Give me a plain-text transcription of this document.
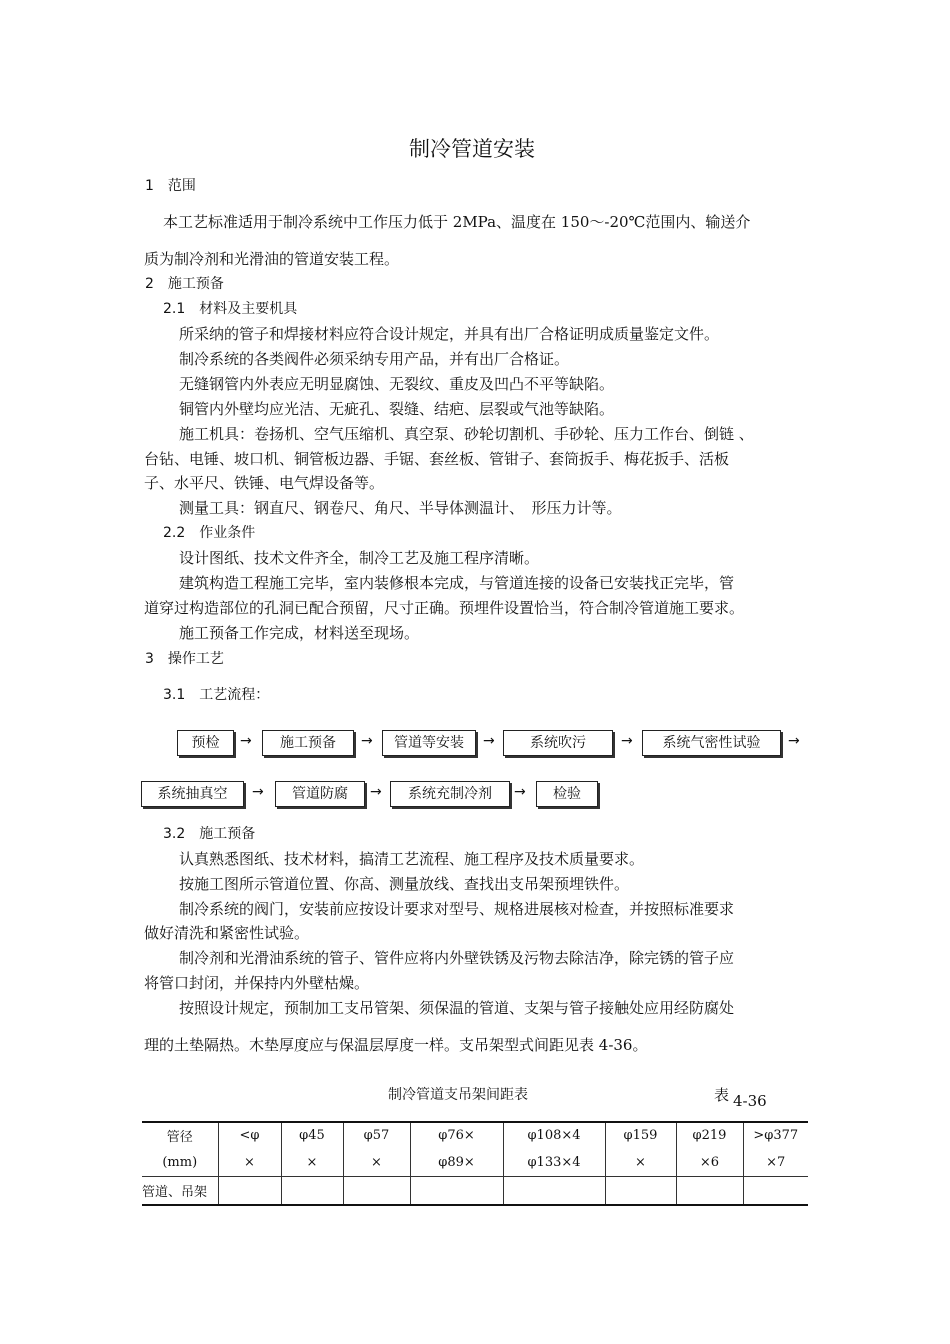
制冷管道安装
1　范围
本工艺标准适用于制冷系统中工作压力低于 2MPa、温度在 150～-20℃范围内、输送介
质为制冷剂和光滑油的管道安装工程。
2　施工预备
2.1　材料及主要机具
所采纳的管子和焊接材料应符合设计规定，并具有出厂合格证明成质量鉴定文件。
制冷系统的各类阀件必须采纳专用产品，并有出厂合格证。
无缝钢管内外表应无明显腐蚀、无裂纹、重皮及凹凸不平等缺陷。
铜管内外壁均应光洁、无疵孔、裂缝、结疤、层裂或气池等缺陷。
施工机具：卷扬机、空气压缩机、真空泵、砂轮切割机、手砂轮、压力工作台、倒链 、
台钻、电锤、坡口机、铜管板边器、手锯、套丝板、管钳子、套筒扳手、梅花扳手、活板
子、水平尺、铁锤、电气焊设备等。
测量工具：钢直尺、钢卷尺、角尺、半导体测温计、　形压力计等。
2.2　作业条件
设计图纸、技术文件齐全，制冷工艺及施工程序清晰。
建筑构造工程施工完毕，室内装修根本完成，与管道连接的设备已安装找正完毕，管
道穿过构造部位的孔洞已配合预留，尺寸正确。预埋件设置恰当，符合制冷管道施工要求。
施工预备工作完成，材料送至现场。
3　操作工艺
3.1　工艺流程：
预检	→	施工预备	→	管道等安装	→	系统吹污	→	系统气密性试验	→
系统抽真空	→	管道防腐	→	系统充制冷剂	→	检验
3.2　施工预备
认真熟悉图纸、技术材料，搞清工艺流程、施工程序及技术质量要求。
按施工图所示管道位置、你高、测量放线、查找出支吊架预埋铁件。
制冷系统的阀门，安装前应按设计要求对型号、规格进展核对检查，并按照标准要求
做好清洗和紧密性试验。
制冷剂和光滑油系统的管子、管件应将内外壁铁锈及污物去除洁净，除完锈的管子应
将管口封闭，并保持内外壁枯燥。
按照设计规定，预制加工支吊管架、须保温的管道、支架与管子接触处应用经防腐处
理的土垫隔热。木垫厚度应与保温层厚度一样。支吊架型式间距见表 4-36。
制冷管道支吊架间距表	表 4-36
管径	<φ	φ45	φ57	φ76×	φ108×4	φ159	φ219	>φ377
(mm)	×	×	×	φ89×	φ133×4	×	×6	×7
管道、吊架								
